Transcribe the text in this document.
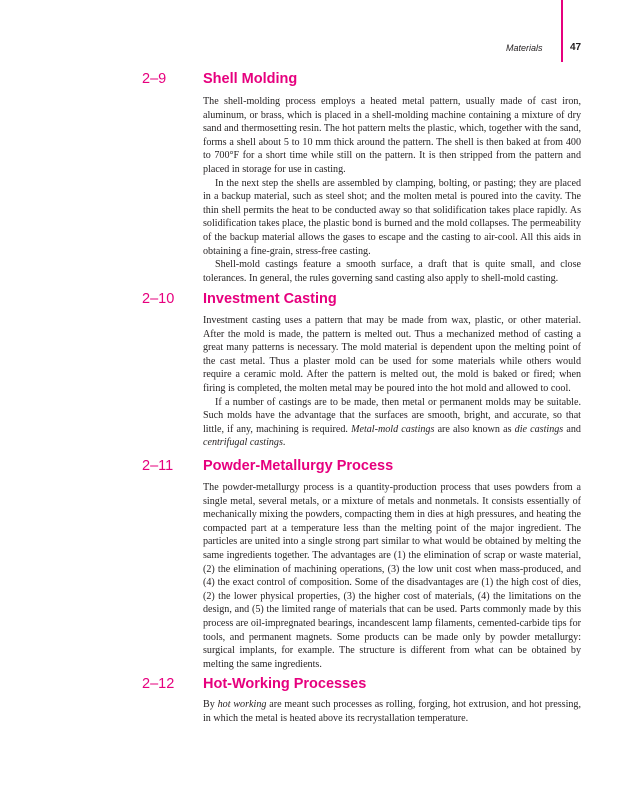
Materials	47
2–9	Shell Molding

The shell-molding process employs a heated metal pattern, usually made of cast iron, aluminum, or brass, which is placed in a shell-molding machine containing a mixture of dry sand and thermosetting resin. The hot pattern melts the plastic, which, together with the sand, forms a shell about 5 to 10 mm thick around the pattern. The shell is then baked at from 400 to 700°F for a short time while still on the pattern. It is then stripped from the pattern and placed in storage for use in casting.

In the next step the shells are assembled by clamping, bolting, or pasting; they are placed in a backup material, such as steel shot; and the molten metal is poured into the cavity. The thin shell permits the heat to be conducted away so that solidification takes place rapidly. As solidification takes place, the plastic bond is burned and the mold collapses. The permeability of the backup material allows the gases to escape and the casting to air-cool. All this aids in obtaining a fine-grain, stress-free casting.

Shell-mold castings feature a smooth surface, a draft that is quite small, and close tolerances. In general, the rules governing sand casting also apply to shell-mold casting.

2–10	Investment Casting

Investment casting uses a pattern that may be made from wax, plastic, or other material. After the mold is made, the pattern is melted out. Thus a mechanized method of casting a great many patterns is necessary. The mold material is dependent upon the melting point of the cast metal. Thus a plaster mold can be used for some materials while others would require a ceramic mold. After the pattern is melted out, the mold is baked or fired; when firing is completed, the molten metal may be poured into the hot mold and allowed to cool.

If a number of castings are to be made, then metal or permanent molds may be suitable. Such molds have the advantage that the surfaces are smooth, bright, and accurate, so that little, if any, machining is required. Metal-mold castings are also known as die castings and centrifugal castings.

2–11	Powder-Metallurgy Process

The powder-metallurgy process is a quantity-production process that uses powders from a single metal, several metals, or a mixture of metals and nonmetals. It consists essentially of mechanically mixing the powders, compacting them in dies at high pressures, and heating the compacted part at a temperature less than the melting point of the major ingredient. The particles are united into a single strong part similar to what would be obtained by melting the same ingredients together. The advantages are (1) the elimination of scrap or waste material, (2) the elimination of machining operations, (3) the low unit cost when mass-produced, and (4) the exact control of composition. Some of the disadvantages are (1) the high cost of dies, (2) the lower physical properties, (3) the higher cost of materials, (4) the limitations on the design, and (5) the limited range of materials that can be used. Parts commonly made by this process are oil-impregnated bearings, incandescent lamp filaments, cemented-carbide tips for tools, and permanent magnets. Some products can be made only by powder metallurgy: surgical implants, for example. The structure is different from what can be obtained by melting the same ingredients.

2–12	Hot-Working Processes

By hot working are meant such processes as rolling, forging, hot extrusion, and hot pressing, in which the metal is heated above its recrystallation temperature.
